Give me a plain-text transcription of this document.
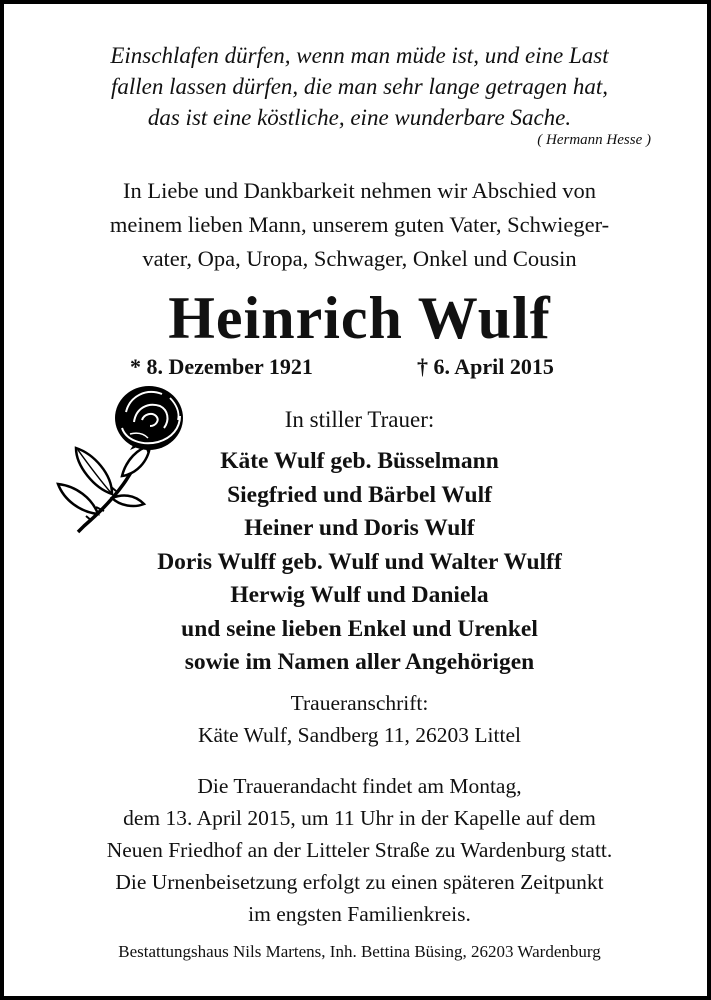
Einschlafen dürfen, wenn man müde ist, und eine Last
fallen lassen dürfen, die man sehr lange getragen hat,
das ist eine köstliche, eine wunderbare Sache.
( Hermann Hesse )
In Liebe und Dankbarkeit nehmen wir Abschied von
meinem lieben Mann, unserem guten Vater, Schwieger-
vater, Opa, Uropa, Schwager, Onkel und Cousin
Heinrich Wulf
* 8. Dezember 1921	† 6. April 2015
In stiller Trauer:
Käte Wulf geb. Büsselmann
Siegfried und Bärbel Wulf
Heiner und Doris Wulf
Doris Wulff geb. Wulf und Walter Wulff
Herwig Wulf und Daniela
und seine lieben Enkel und Urenkel
sowie im Namen aller Angehörigen
Traueranschrift:
Käte Wulf, Sandberg 11, 26203 Littel
Die Trauerandacht findet am Montag,
dem 13. April 2015, um 11 Uhr in der Kapelle auf dem
Neuen Friedhof an der Litteler Straße zu Wardenburg statt.
Die Urnenbeisetzung erfolgt zu einen späteren Zeitpunkt
im engsten Familienkreis.
Bestattungshaus Nils Martens, Inh. Bettina Büsing, 26203 Wardenburg
